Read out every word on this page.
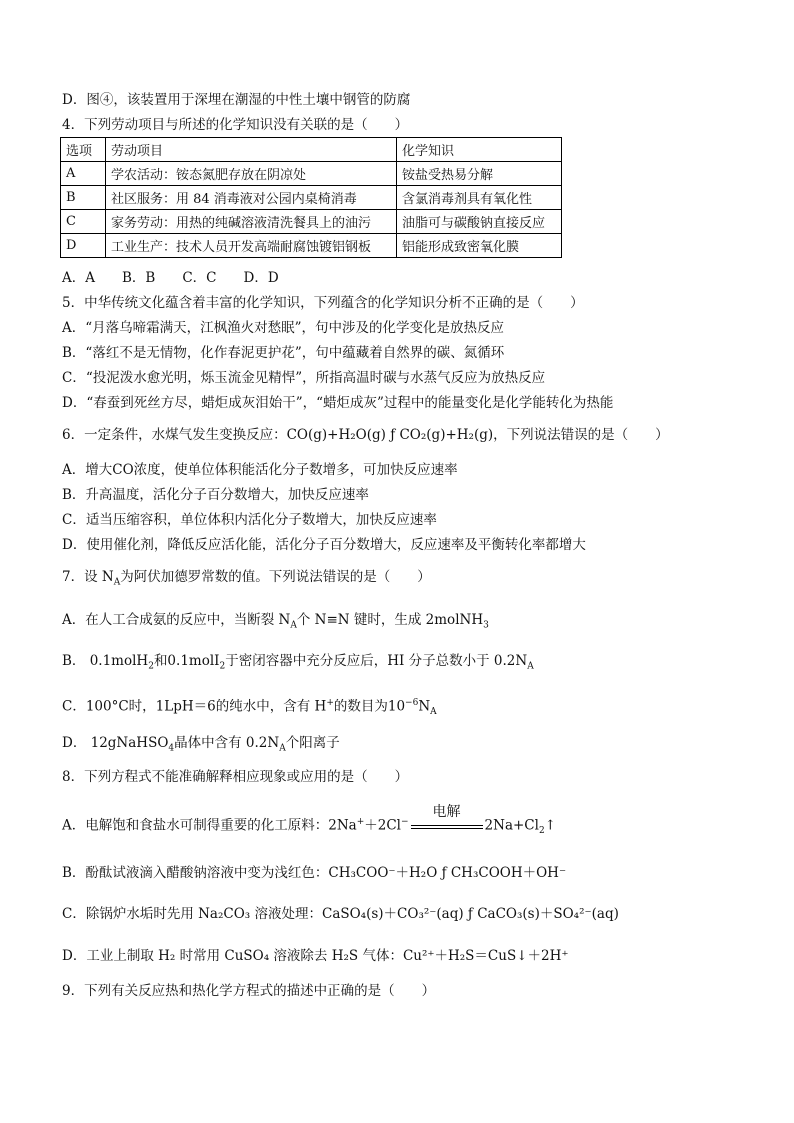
D．图④，该装置用于深埋在潮湿的中性土壤中钢管的防腐
4．下列劳动项目与所述的化学知识没有关联的是（　　）
选项	劳动项目	化学知识
A	学农活动：铵态氮肥存放在阴凉处	铵盐受热易分解
B	社区服务：用 84 消毒液对公园内桌椅消毒	含氯消毒剂具有氧化性
C	家务劳动：用热的纯碱溶液清洗餐具上的油污	油脂可与碳酸钠直接反应
D	工业生产：技术人员开发高端耐腐蚀镀铝钢板	铝能形成致密氧化膜
A．A　　B．B　　C．C　　D．D
5．中华传统文化蕴含着丰富的化学知识，下列蕴含的化学知识分析不正确的是（　　）
A．“月落乌啼霜满天，江枫渔火对愁眠”，句中涉及的化学变化是放热反应
B．“落红不是无情物，化作春泥更护花”，句中蕴藏着自然界的碳、氮循环
C．“投泥泼水愈光明，烁玉流金见精悍”，所指高温时碳与水蒸气反应为放热反应
D．“春蚕到死丝方尽，蜡炬成灰泪始干”，“蜡炬成灰”过程中的能量变化是化学能转化为热能
6．一定条件，水煤气发生变换反应：CO(g)+H₂O(g) ƒ CO₂(g)+H₂(g)，下列说法错误的是（　　）
A．增大CO浓度，使单位体积能活化分子数增多，可加快反应速率
B．升高温度，活化分子百分数增大，加快反应速率
C．适当压缩容积，单位体积内活化分子数增大，加快反应速率
D．使用催化剂，降低反应活化能，活化分子百分数增大，反应速率及平衡转化率都增大
7．设 $N_A$为阿伏加德罗常数的值。下列说法错误的是（　　）
A．在人工合成氨的反应中，当断裂 $N_A$个 N≡N 键时，生成 2molNH$_3$
B． 0.1molH$_2$和0.1molI$_2$于密闭容器中充分反应后，HI 分子总数小于 $0.2N_A$
C．100°C时，1LpH＝6的纯水中，含有 H+的数目为$10^{-6}N_A$
D． 12gNaHSO$_4$晶体中含有 $0.2N_A$个阳离子
8．下列方程式不能准确解释相应现象或应用的是（　　）
A．电解饱和食盐水可制得重要的化工原料：2Na+＋2Cl−
电解
$2Na+Cl_2↑$
B．酚酞试液滴入醋酸钠溶液中变为浅红色：CH₃COO⁻＋H₂O ƒ CH₃COOH＋OH⁻
C．除锅炉水垢时先用 Na₂CO₃ 溶液处理：CaSO₄(s)＋CO₃²⁻(aq) ƒ CaCO₃(s)＋SO₄²⁻(aq)
D．工业上制取 H₂ 时常用 CuSO₄ 溶液除去 H₂S 气体：Cu²⁺＋H₂S＝CuS↓＋2H⁺
9．下列有关反应热和热化学方程式的描述中正确的是（　　）
